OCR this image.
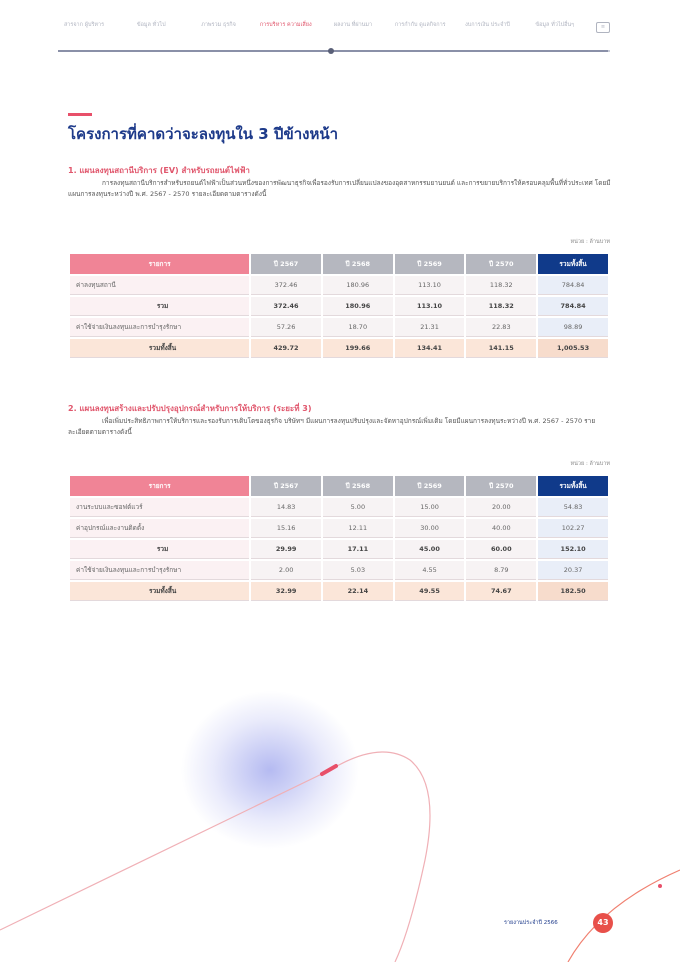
สารจาก ผู้บริหาร	ข้อมูล ทั่วไป	ภาพรวม ธุรกิจ	การบริหาร ความเสี่ยง	ผลงาน ที่ผ่านมา	การกำกับ ดูแลกิจการ	งบการเงิน ประจำปี	ข้อมูล ทั่วไปอื่นๆ	≡
โครงการที่คาดว่าจะลงทุนใน 3 ปีข้างหน้า
1. แผนลงทุนสถานีบริการ (EV) สำหรับรถยนต์ไฟฟ้า
การลงทุนสถานีบริการสำหรับรถยนต์ไฟฟ้าเป็นส่วนหนึ่งของการพัฒนาธุรกิจเพื่อรองรับการเปลี่ยนแปลงของอุตสาหกรรมยานยนต์ และการขยายบริการให้ครอบคลุมพื้นที่ทั่วประเทศ โดยมีแผนการลงทุนระหว่างปี พ.ศ. 2567 - 2570 รายละเอียดตามตารางดังนี้
หน่วย : ล้านบาท
รายการ	ปี 2567	ปี 2568	ปี 2569	ปี 2570	รวมทั้งสิ้น
ค่าลงทุนสถานี	372.46	180.96	113.10	118.32	784.84
รวม	372.46	180.96	113.10	118.32	784.84
ค่าใช้จ่ายเงินลงทุนและการบำรุงรักษา	57.26	18.70	21.31	22.83	98.89
รวมทั้งสิ้น	429.72	199.66	134.41	141.15	1,005.53
2. แผนลงทุนสร้างและปรับปรุงอุปกรณ์สำหรับการให้บริการ (ระยะที่ 3)
เพื่อเพิ่มประสิทธิภาพการให้บริการและรองรับการเติบโตของธุรกิจ บริษัทฯ มีแผนการลงทุนปรับปรุงและจัดหาอุปกรณ์เพิ่มเติม โดยมีแผนการลงทุนระหว่างปี พ.ศ. 2567 - 2570 รายละเอียดตามตารางดังนี้
หน่วย : ล้านบาท
รายการ	ปี 2567	ปี 2568	ปี 2569	ปี 2570	รวมทั้งสิ้น
งานระบบและซอฟต์แวร์	14.83	5.00	15.00	20.00	54.83
ค่าอุปกรณ์และงานติดตั้ง	15.16	12.11	30.00	40.00	102.27
รวม	29.99	17.11	45.00	60.00	152.10
ค่าใช้จ่ายเงินลงทุนและการบำรุงรักษา	2.00	5.03	4.55	8.79	20.37
รวมทั้งสิ้น	32.99	22.14	49.55	74.67	182.50
รายงานประจำปี 2566	43
